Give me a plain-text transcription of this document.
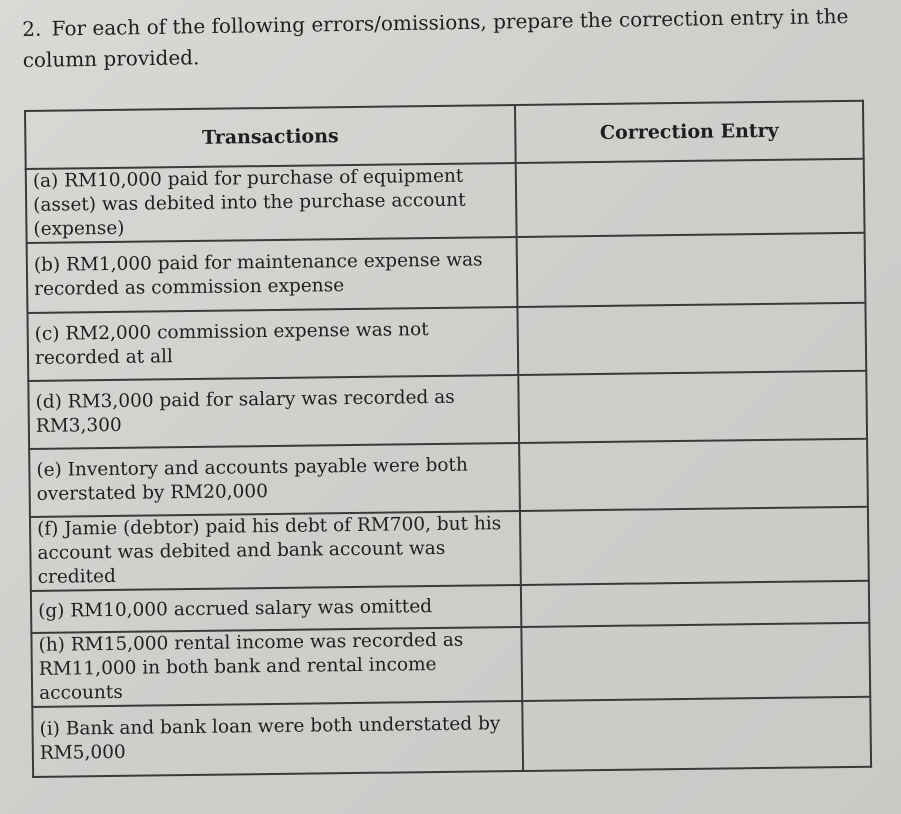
2. For each of the following errors/omissions, prepare the correction entry in the column provided.
Transactions	Correction Entry
(a) RM10,000 paid for purchase of equipment (asset) was debited into the purchase account (expense)	
(b) RM1,000 paid for maintenance expense was recorded as commission expense	
(c) RM2,000 commission expense was not recorded at all	
(d) RM3,000 paid for salary was recorded as RM3,300	
(e) Inventory and accounts payable were both overstated by RM20,000	
(f) Jamie (debtor) paid his debt of RM700, but his account was debited and bank account was credited	
(g) RM10,000 accrued salary was omitted	
(h) RM15,000 rental income was recorded as RM11,000 in both bank and rental income accounts	
(i) Bank and bank loan were both understated by RM5,000	
